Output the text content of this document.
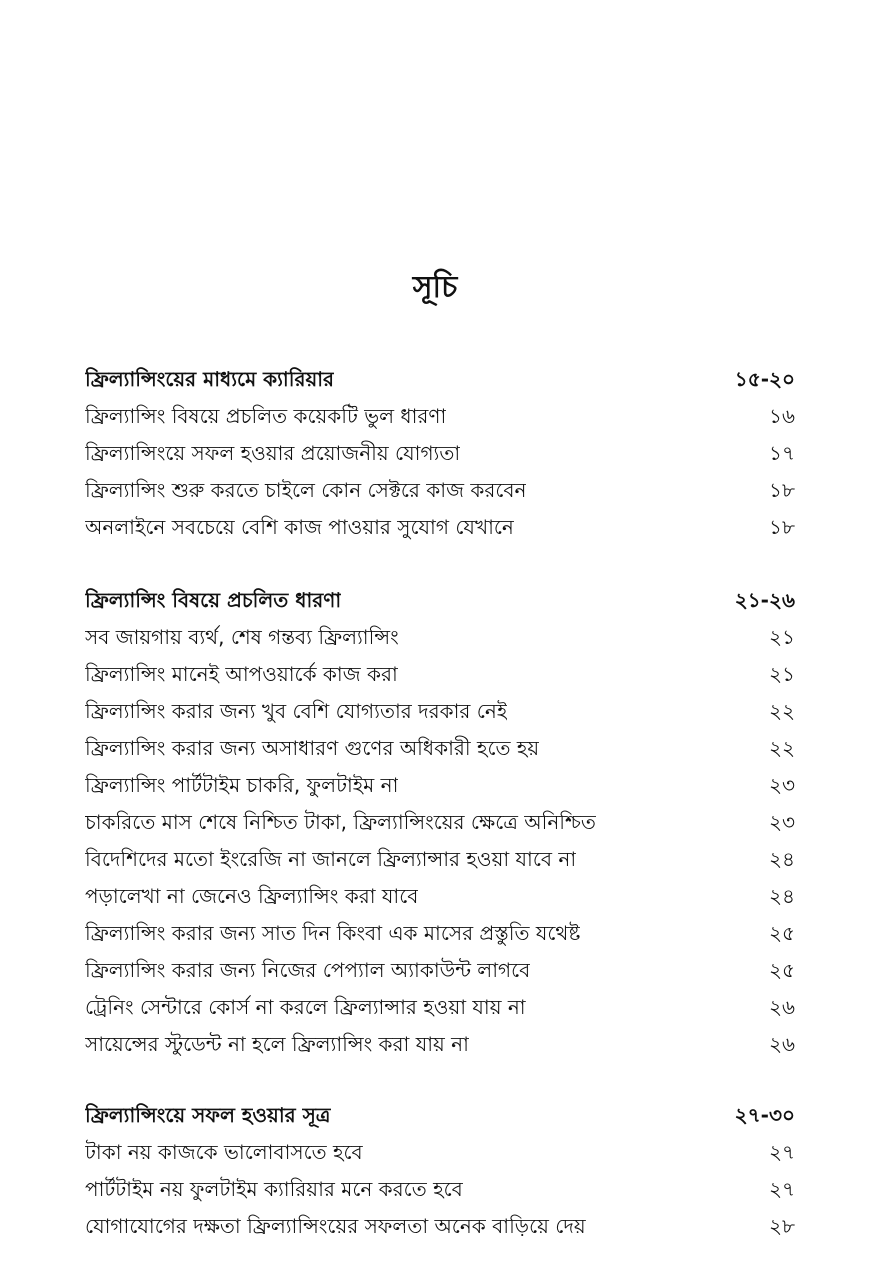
সূচি
ফ্রিল্যান্সিংয়ের মাধ্যমে ক্যারিয়ার	১৫-২০
ফ্রিল্যান্সিং বিষয়ে প্রচলিত কয়েকটি ভুল ধারণা	১৬
ফ্রিল্যান্সিংয়ে সফল হওয়ার প্রয়োজনীয় যোগ্যতা	১৭
ফ্রিল্যান্সিং শুরু করতে চাইলে কোন সেক্টরে কাজ করবেন	১৮
অনলাইনে সবচেয়ে বেশি কাজ পাওয়ার সুযোগ যেখানে	১৮
ফ্রিল্যান্সিং বিষয়ে প্রচলিত ধারণা	২১-২৬
সব জায়গায় ব্যর্থ, শেষ গন্তব্য ফ্রিল্যান্সিং	২১
ফ্রিল্যান্সিং মানেই আপওয়ার্কে কাজ করা	২১
ফ্রিল্যান্সিং করার জন্য খুব বেশি যোগ্যতার দরকার নেই	২২
ফ্রিল্যান্সিং করার জন্য অসাধারণ গুণের অধিকারী হতে হয়	২২
ফ্রিল্যান্সিং পার্টটাইম চাকরি, ফুলটাইম না	২৩
চাকরিতে মাস শেষে নিশ্চিত টাকা, ফ্রিল্যান্সিংয়ের ক্ষেত্রে অনিশ্চিত	২৩
বিদেশিদের মতো ইংরেজি না জানলে ফ্রিল্যান্সার হওয়া যাবে না	২৪
পড়ালেখা না জেনেও ফ্রিল্যান্সিং করা যাবে	২৪
ফ্রিল্যান্সিং করার জন্য সাত দিন কিংবা এক মাসের প্রস্তুতি যথেষ্ট	২৫
ফ্রিল্যান্সিং করার জন্য নিজের পেপ্যাল অ্যাকাউন্ট লাগবে	২৫
ট্রেনিং সেন্টারে কোর্স না করলে ফ্রিল্যান্সার হওয়া যায় না	২৬
সায়েন্সের স্টুডেন্ট না হলে ফ্রিল্যান্সিং করা যায় না	২৬
ফ্রিল্যান্সিংয়ে সফল হওয়ার সূত্র	২৭-৩০
টাকা নয় কাজকে ভালোবাসতে হবে	২৭
পার্টটাইম নয় ফুলটাইম ক্যারিয়ার মনে করতে হবে	২৭
যোগাযোগের দক্ষতা ফ্রিল্যান্সিংয়ের সফলতা অনেক বাড়িয়ে দেয়	২৮
